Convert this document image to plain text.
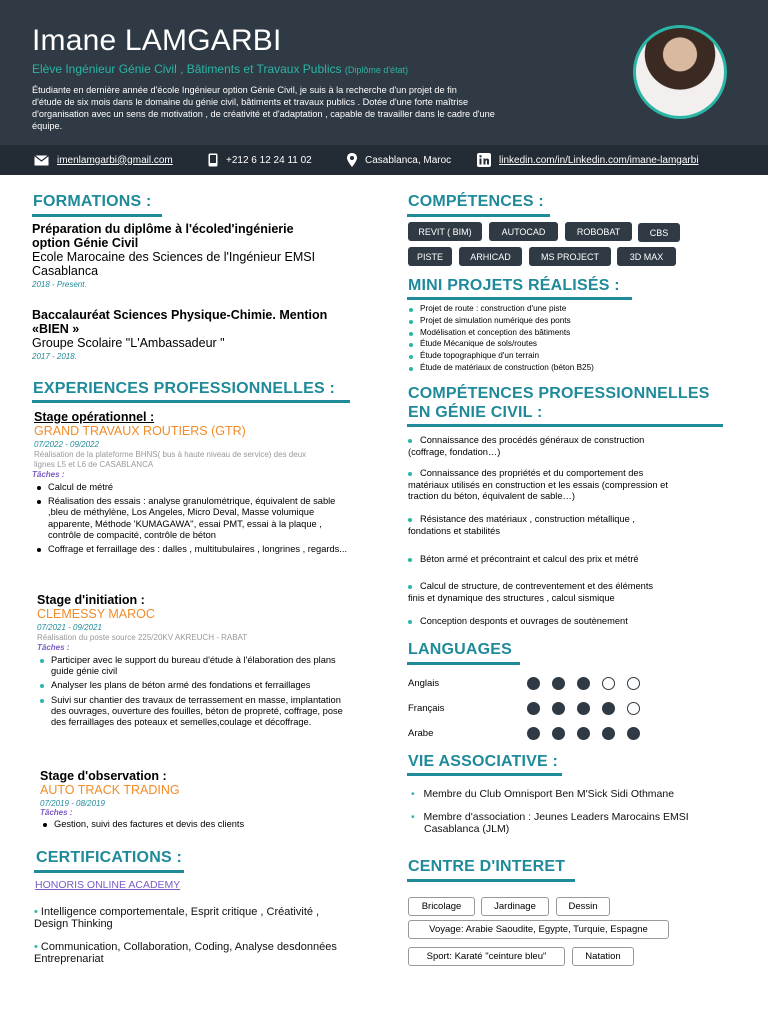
Imane LAMGARBI
Elève Ingénieur Génie Civil , Bâtiments et Travaux Publics (Diplôme d'état)
Étudiante en dernière année d'école Ingénieur option Génie Civil, je suis à la recherche d'un projet de fin
d'étude de six mois dans le domaine du génie civil, bâtiments et travaux publics . Dotée d'une forte maîtrise
d'organisation avec un sens de motivation , de créativité et d'adaptation , capable de travailler dans le cadre d'une
équipe.
imenlamgarbi@gmail.com	+212 6 12 24 11 02	Casablanca, Maroc	linkedin.com/in/Linkedin.com/imane-lamgarbi
FORMATIONS :
Préparation du diplôme à l'écoled'ingénierie
option Génie Civil
Ecole Marocaine des Sciences de l'Ingénieur EMSI
Casablanca
2018 - Present.
Baccalauréat Sciences Physique-Chimie. Mention
«BIEN »
Groupe Scolaire "L'Ambassadeur "
2017 - 2018.
EXPERIENCES PROFESSIONNELLES :
Stage opérationnel :
GRAND TRAVAUX ROUTIERS (GTR)
07/2022 - 09/2022
Réalisation de la plateforme BHNS( bus à haute niveau de service) des deux
lignes L5 et L6 de CASABLANCA
Tâches :
Calcul de métré
Réalisation des essais : analyse granulométrique, équivalent de sable ,bleu de méthylène, Los Angeles, Micro Deval, Masse volumique apparente, Méthode 'KUMAGAWA'', essai PMT, essai à la plaque , contrôle de compacité, contrôle de béton
Coffrage et ferraillage des : dalles , multitubulaires , longrines , regards...
Stage d'initiation :
CLEMESSY MAROC
07/2021 - 09/2021
Réalisation du poste source 225/20KV AKREUCH - RABAT
Tâches :
Participer avec le support du bureau d'étude à l'élaboration des plans guide génie civil
Analyser les plans de béton armé des fondations et ferraillages
Suivi sur chantier des travaux de terrassement en masse, implantation des ouvrages, ouverture des fouilles, béton de propreté, coffrage, pose des ferraillages des poteaux et semelles,coulage et décoffrage.
Stage d'observation :
AUTO TRACK TRADING
07/2019 - 08/2019
Tâches :
Gestion, suivi des factures et devis des clients
CERTIFICATIONS :
HONORIS ONLINE ACADEMY
• Intelligence comportementale, Esprit critique , Créativité ,
Design Thinking
• Communication, Collaboration, Coding, Analyse desdonnées
Entreprenariat
COMPÉTENCES :
REVIT ( BIM)	AUTOCAD	ROBOBAT	CBS
PISTE	ARHICAD	MS PROJECT	3D MAX
MINI PROJETS RÉALISÉS :
Projet de route : construction d'une piste
Projet de simulation numérique des ponts
Modélisation et conception des bâtiments
Étude Mécanique de sols/routes
Étude topographique d'un terrain
Étude de matériaux de construction (béton B25)
COMPÉTENCES PROFESSIONNELLES
EN GÉNIE CIVIL :
Connaissance des procédés généraux de construction
(coffrage, fondation…)
Connaissance des propriétés et du comportement des
matériaux utilisés en construction et les essais (compression et
traction du béton, équivalent de sable…)
Résistance des matériaux , construction métallique ,
fondations et stabilités
Béton armé et précontraint et calcul des prix et métré
Calcul de structure, de contreventement et des éléments
finis et dynamique des structures , calcul sismique
Conception desponts et ouvrages de soutènement
LANGUAGES
Anglais
Français
Arabe
VIE ASSOCIATIVE :
• Membre du Club Omnisport Ben M'Sick Sidi Othmane
• Membre d'association : Jeunes Leaders Marocains EMSI
Casablanca (JLM)
CENTRE D'INTERET
Bricolage	Jardinage	Dessin
Voyage: Arabie Saoudite, Egypte, Turquie, Espagne
Sport: Karaté "ceinture bleu"	Natation
